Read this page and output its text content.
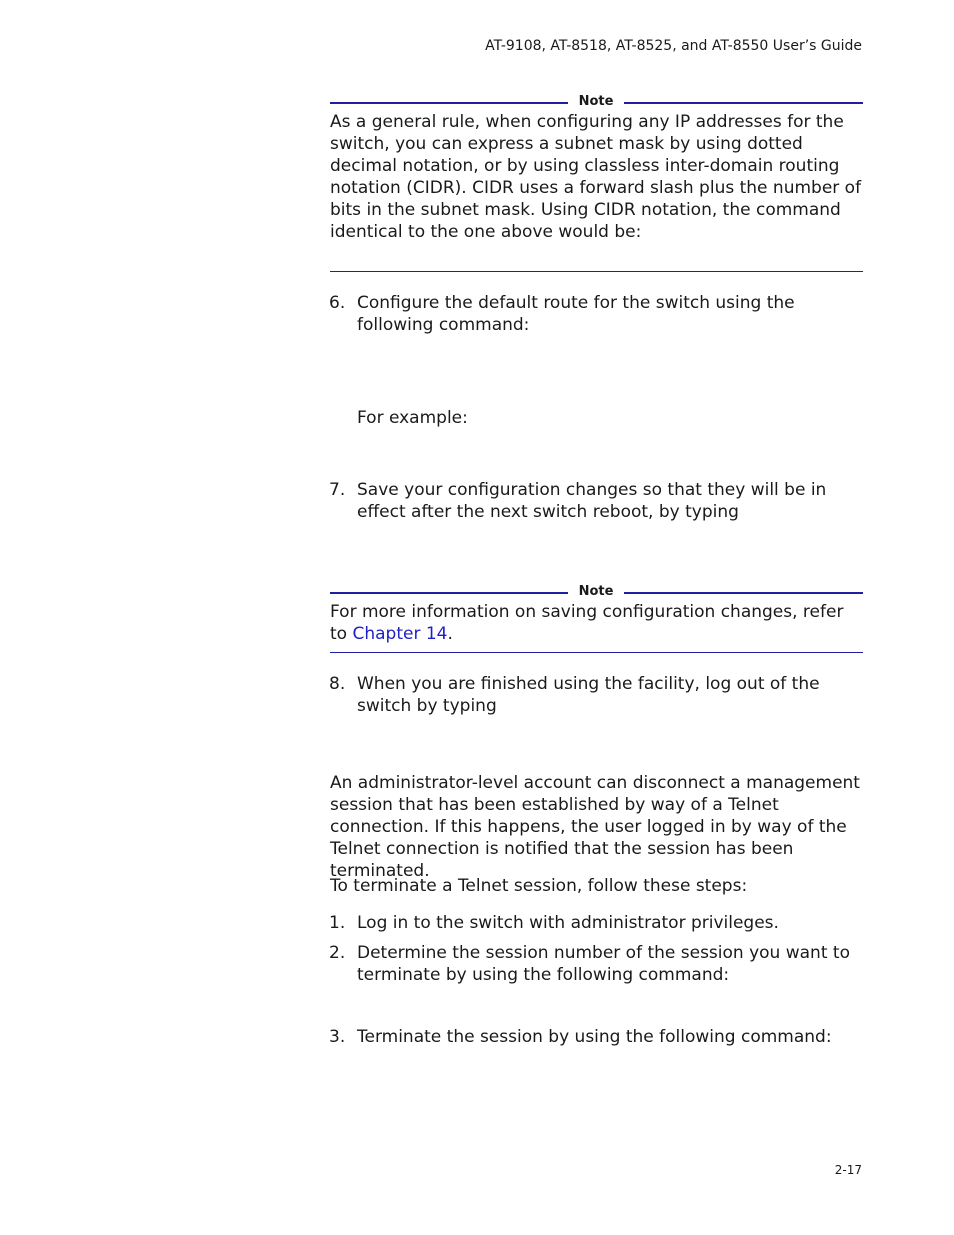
AT-9108, AT-8518, AT-8525, and AT-8550 User’s Guide
Note
As a general rule, when configuring any IP addresses for the switch, you can express a subnet mask by using dotted decimal notation, or by using classless inter-domain routing notation (CIDR). CIDR uses a forward slash plus the number of bits in the subnet mask. Using CIDR notation, the command identical to the one above would be:
6. Configure the default route for the switch using the following command:
For example:
7. Save your configuration changes so that they will be in effect after the next switch reboot, by typing
Note
For more information on saving configuration changes, refer to Chapter 14.
8. When you are finished using the facility, log out of the switch by typing
An administrator-level account can disconnect a management session that has been established by way of a Telnet connection. If this happens, the user logged in by way of the Telnet connection is notified that the session has been terminated.
To terminate a Telnet session, follow these steps:
1. Log in to the switch with administrator privileges.
2. Determine the session number of the session you want to terminate by using the following command:
3. Terminate the session by using the following command:
2-17
